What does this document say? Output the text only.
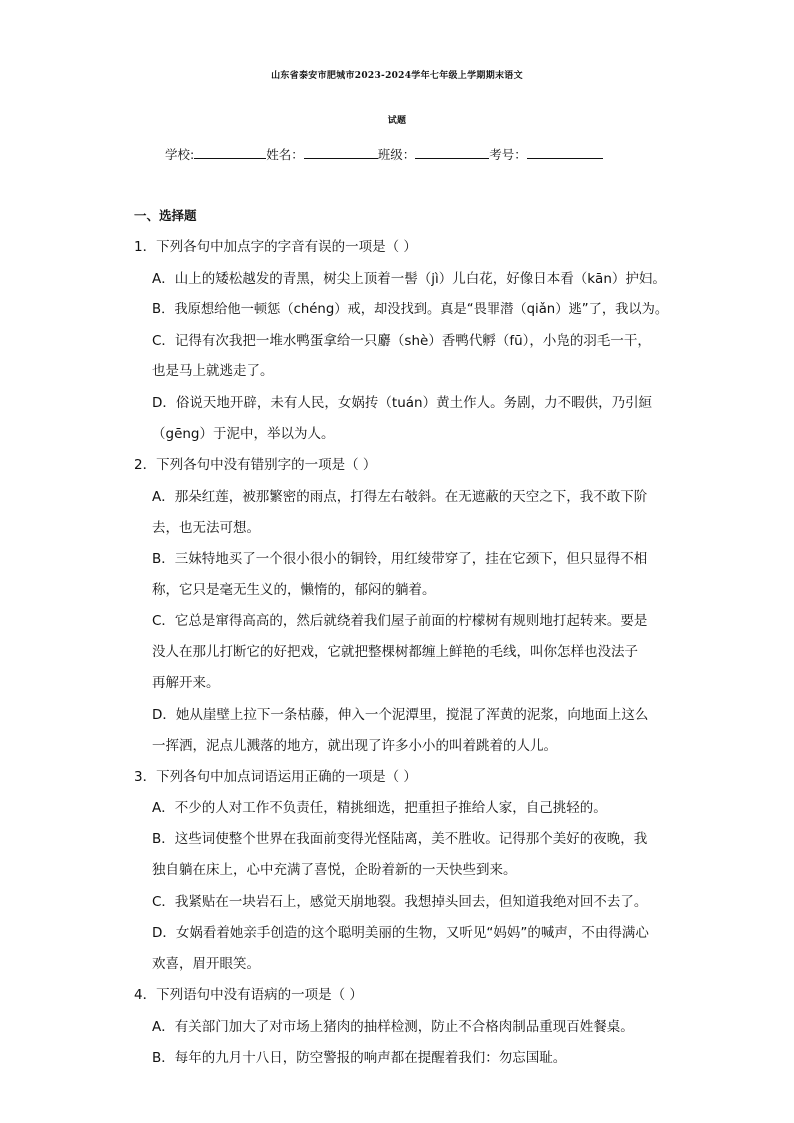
山东省泰安市肥城市2023-2024学年七年级上学期期末语文
试题
学校:	姓名：	班级：	考号：
一、选择题
1．下列各句中加点字的字音有误的一项是（ ）
A．山上的矮松越发的青黑，树尖上顶着一髻（jì）儿白花，好像日本看（kān）护妇。
B．我原想给他一顿惩（chéng）戒，却没找到。真是“畏罪潜（qiǎn）逃”了，我以为。
C．记得有次我把一堆水鸭蛋拿给一只麝（shè）香鸭代孵（fū），小凫的羽毛一干，
也是马上就逃走了。
D．俗说天地开辟，未有人民，女娲抟（tuán）黄土作人。务剧，力不暇供，乃引絙
（gēng）于泥中，举以为人。
2．下列各句中没有错别字的一项是（ ）
A．那朵红莲，被那繁密的雨点，打得左右攲斜。在无遮蔽的天空之下，我不敢下阶
去，也无法可想。
B．三妹特地买了一个很小很小的铜铃，用红绫带穿了，挂在它颈下，但只显得不相
称，它只是毫无生义的，懒惰的，郁闷的躺着。
C．它总是窜得高高的，然后就绕着我们屋子前面的柠檬树有规则地打起转来。要是
没人在那儿打断它的好把戏，它就把整棵树都缠上鲜艳的毛线，叫你怎样也没法子
再解开来。
D．她从崖壁上拉下一条枯藤，伸入一个泥潭里，搅混了浑黄的泥浆，向地面上这么
一挥洒，泥点儿溅落的地方，就出现了许多小小的叫着跳着的人儿。
3．下列各句中加点词语运用正确的一项是（ ）
A．不少的人对工作不负责任，精挑细选，把重担子推给人家，自己挑轻的。
B．这些词使整个世界在我面前变得光怪陆离，美不胜收。记得那个美好的夜晚，我
独自躺在床上，心中充满了喜悦，企盼着新的一天快些到来。
C．我紧贴在一块岩石上，感觉天崩地裂。我想掉头回去，但知道我绝对回不去了。
D．女娲看着她亲手创造的这个聪明美丽的生物，又听见“妈妈”的喊声，不由得满心
欢喜，眉开眼笑。
4．下列语句中没有语病的一项是（ ）
A．有关部门加大了对市场上猪肉的抽样检测，防止不合格肉制品重现百姓餐桌。
B．每年的九月十八日，防空警报的响声都在提醒着我们：勿忘国耻。
